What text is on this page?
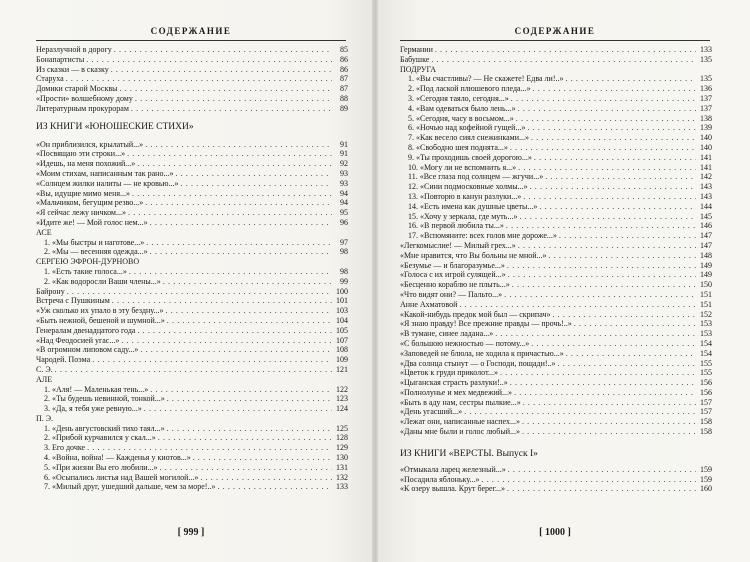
СОДЕРЖАНИЕ
Неразлучной в дорогу . . .	85
Бонапартисты . . .	86
Из сказки — в сказку . . .	86
Старуха . . .	87
Домики старой Москвы . . .	87
«Прости» волшебному дому . . .	88
Литературным прокурорам . . .	89
ИЗ КНИГИ «ЮНОШЕСКИЕ СТИХИ»
«Он приблизился, крылатый...» . . .	91
«Посвящаю эти строки...» . . .	91
«Идешь, на меня похожий...» . . .	92
«Моим стихам, написанным так рано...» . . .	93
«Солнцем жилки налиты — не кровью...» . . .	93
«Вы, идущие мимо меня...» . . .	94
«Мальчиком, бегущим резво...» . . .	94
«Я сейчас лежу ничком...» . . .	95
«Идите же! — Мой голос нем...» . . .	96
АСЕ
1. «Мы быстры и наготове...» . . .	97
2. «Мы — весенняя одежда...» . . .	98
СЕРГЕЮ ЭФРОН-ДУРНОВО
1. «Есть такие голоса...» . . .	98
2. «Как водоросли Ваши члены...» . . .	99
Байрону . . .	100
Встреча с Пушкиным . . .	101
«Уж сколько их упало в эту бездну...» . . .	103
«Быть нежной, бешеной и шумной...» . . .	104
Генералам двенадцатого года . . .	105
«Над Феодосией угас...» . . .	107
«В огромном липовом саду...» . . .	108
Чародей. Поэма . . .	109
С. Э. . . .	121
АЛЕ
1. «Аля! — Маленькая тень...» . . .	122
2. «Ты будешь невинной, тонкой...» . . .	123
3. «Да, я тебя уже ревную...» . . .	124
П. Э.
1. «День августовский тихо таял...» . . .	125
2. «Прибой курчавился у скал...» . . .	128
3. Его дочке . . .	129
4. «Война, война! — Кажденья у киотов...» . . .	130
5. «При жизни Вы его любили...» . . .	131
6. «Осыпались листья над Вашей могилой...» . . .	132
7. «Милый друг, ушедший дальше, чем за море!..» . . .	133
[ 999 ]
СОДЕРЖАНИЕ
Германии . . .	133
Бабушке . . .	135
ПОДРУГА
1. «Вы счастливы? — Не скажете! Едва ли!..» . . .	135
2. «Под лаской плюшевого пледа...» . . .	136
3. «Сегодня таяло, сегодня...» . . .	137
4. «Вам одеваться было лень...» . . .	137
5. «Сегодня, часу в восьмом...» . . .	138
6. «Ночью над кофейной гущей...» . . .	139
7. «Как весело сиял снежинками...» . . .	140
8. «Свободно шея поднята...» . . .	140
9. «Ты проходишь своей дорогою...» . . .	141
10. «Могу ли не вспомнить я...» . . .	141
11. «Все глаза под солнцем — жгучи...» . . .	142
12. «Сини подмосковные холмы...» . . .	143
13. «Повторю в канун разлуки...» . . .	143
14. «Есть имена как душные цветы...» . . .	144
15. «Хочу у зеркала, где муть...» . . .	145
16. «В первой любила ты...» . . .	146
17. «Вспомяните: всех голов мне дороже...» . . .	147
«Легкомыслие! — Милый грех...» . . .	147
«Мне нравится, что Вы больны не мной...» . . .	148
«Безумье — и благоразумье...» . . .	149
«Голоса с их игрой сулящей...» . . .	149
«Бесценно кораблю не плыть...» . . .	150
«Что видят они? — Пальто...» . . .	151
Анне Ахматовой . . .	151
«Какой-нибудь предок мой был — скрипач» . . .	152
«Я знаю правду! Все прежние правды — прочь!..» . . .	153
«В тумане, синее ладана...» . . .	153
«С большою нежностью — потому...» . . .	154
«Заповедей не блюла, не ходила к причастью...» . . .	154
«Два солнца стынут — о Господи, пощади!..» . . .	155
«Цветок к груди приколот...» . . .	155
«Цыганская страсть разлуки!..» . . .	156
«Полнолунье и мех медвежий...» . . .	156
«Быть в аду нам, сестры пылкие...» . . .	157
«День угасший...» . . .	157
«Лежат они, написанные наспех...» . . .	158
«Даны мне были и голос любый...» . . .	158
ИЗ КНИГИ «ВЕРСТЫ. Выпуск I»
«Отмыкала ларец железный...» . . .	159
«Посадила яблоньку...» . . .	159
«К озеру вышла. Крут берег...» . . .	160
[ 1000 ]
